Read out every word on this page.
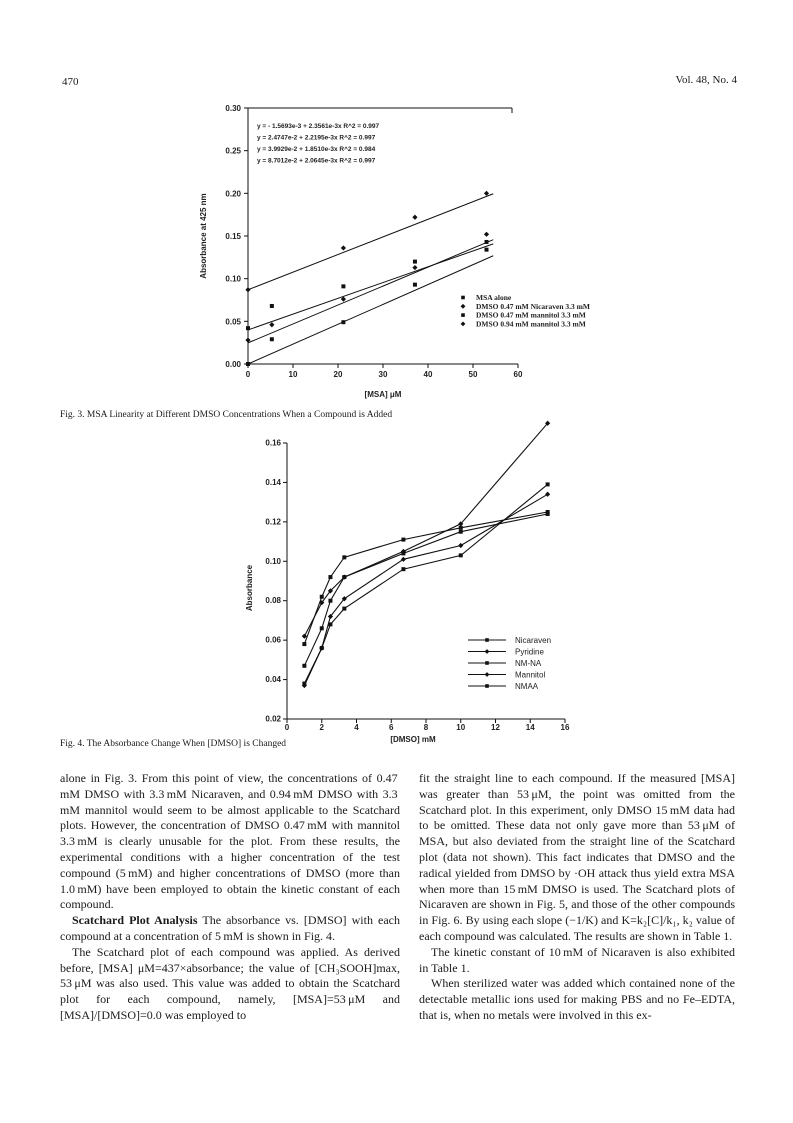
470	Vol. 48, No. 4
0.00
0.05
0.10
0.15
0.20
0.25
0.30
0	10	20	30	40	50	60
[MSA] μM
Absorbance at 425 nm
y = - 1.5693e-3 + 2.3561e-3x R^2 = 0.997
y = 2.4747e-2 + 2.2195e-3x R^2 = 0.997
y = 3.9929e-2 + 1.8510e-3x R^2 = 0.984
y = 8.7012e-2 + 2.0645e-3x R^2 = 0.997
MSA alone
DMSO 0.47 mM Nicaraven 3.3 mM
DMSO 0.47 mM mannitol 3.3 mM
DMSO 0.94 mM mannitol 3.3 mM
Fig. 3. MSA Linearity at Different DMSO Concentrations When a Compound is Added
0.02
0.04
0.06
0.08
0.10
0.12
0.14
0.16
0	2	4	6	8	10	12	14	16
[DMSO] mM
Absorbance
Nicaraven
Pyridine
NM-NA
Mannitol
NMAA
Fig. 4. The Absorbance Change When [DMSO] is Changed

alone in Fig. 3. From this point of view, the concentrations of 0.47 mM DMSO with 3.3 mM Nicaraven, and 0.94 mM DMSO with 3.3 mM mannitol would seem to be almost applicable to the Scatchard plots. However, the concentration of DMSO 0.47 mM with mannitol 3.3 mM is clearly unusable for the plot. From these results, the experimental conditions with a higher concentration of the test compound (5 mM) and higher concentrations of DMSO (more than 1.0 mM) have been employed to obtain the kinetic constant of each compound.

Scatchard Plot Analysis The absorbance vs. [DMSO] with each compound at a concentration of 5 mM is shown in Fig. 4.

The Scatchard plot of each compound was applied. As derived before, [MSA] μM=437×absorbance; the value of [CH₃SOOH]max, 53 μM was also used. This value was added to obtain the Scatchard plot for each compound, namely, [MSA]=53 μM and [MSA]/[DMSO]=0.0 was employed to

fit the straight line to each compound. If the measured [MSA] was greater than 53 μM, the point was omitted from the Scatchard plot. In this experiment, only DMSO 15 mM data had to be omitted. These data not only gave more than 53 μM of MSA, but also deviated from the straight line of the Scatchard plot (data not shown). This fact indicates that DMSO and the radical yielded from DMSO by ·OH attack thus yield extra MSA when more than 15 mM DMSO is used. The Scatchard plots of Nicaraven are shown in Fig. 5, and those of the other compounds in Fig. 6. By using each slope (−1/K) and K=k₂[C]/k₁, k₂ value of each compound was calculated. The results are shown in Table 1.

The kinetic constant of 10 mM of Nicaraven is also exhibited in Table 1.

When sterilized water was added which contained none of the detectable metallic ions used for making PBS and no Fe–EDTA, that is, when no metals were involved in this ex-
